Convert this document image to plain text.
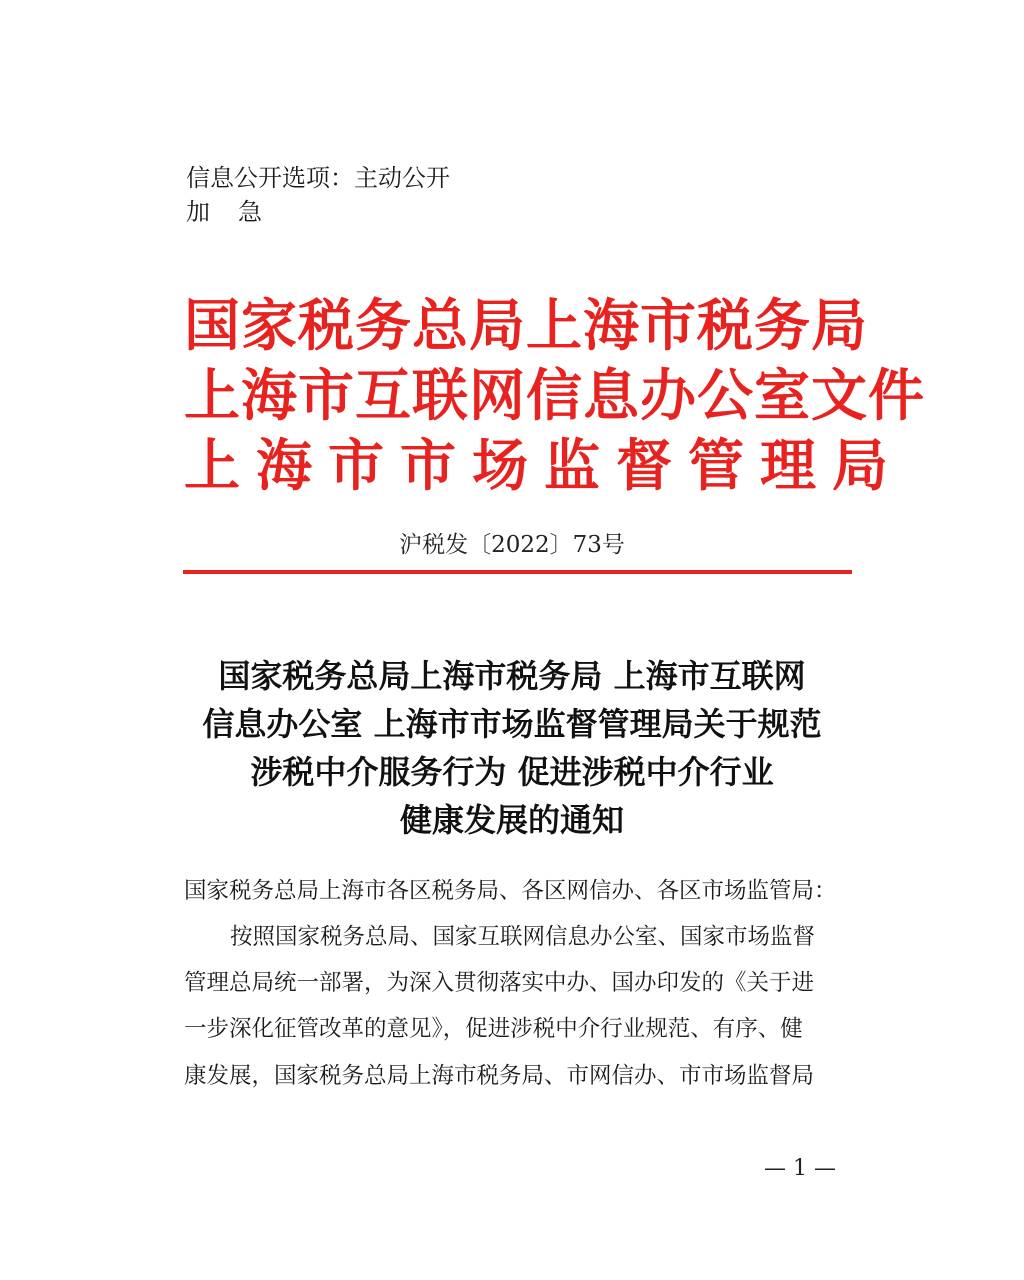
信息公开选项：主动公开
加急
国家税务总局上海市税务局
上海市互联网信息办公室文件
上海市市场监督管理局
沪税发〔2022〕73号
国家税务总局上海市税务局 上海市互联网
信息办公室 上海市市场监督管理局关于规范
涉税中介服务行为 促进涉税中介行业
健康发展的通知
国家税务总局上海市各区税务局、各区网信办、各区市场监管局：
按照国家税务总局、国家互联网信息办公室、国家市场监督
管理总局统一部署，为深入贯彻落实中办、国办印发的《关于进
一步深化征管改革的意见》，促进涉税中介行业规范、有序、健
康发展，国家税务总局上海市税务局、市网信办、市市场监督局
— 1 —
